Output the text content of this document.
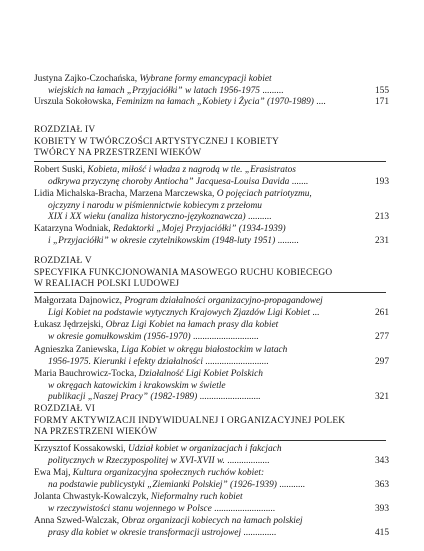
Justyna Zajko-Czochańska, Wybrane formy emancypacji kobiet
wiejskich na łamach „Przyjaciółki” w latach 1956-1975 .........	155
Urszula Sokołowska, Feminizm na łamach „Kobiety i Życia” (1970-1989) ....	171
ROZDZIAŁ IV
KOBIETY W TWÓRCZOŚCI ARTYSTYCZNEJ I KOBIETY
TWÓRCY NA PRZESTRZENI WIEKÓW
Robert Suski, Kobieta, miłość i władza z nagrodą w tle. „Erasistratos
odkrywa przyczynę choroby Antiocha” Jacquesa-Louisa Davida .......	193
Lidia Michalska-Bracha, Marzena Marczewska, O pojęciach patriotyzmu,
ojczyzny i narodu w piśmiennictwie kobiecym z przełomu
XIX i XX wieku (analiza historyczno-językoznawcza) ..........	213
Katarzyna Wodniak, Redaktorki „Mojej Przyjaciółki” (1934-1939)
i „Przyjaciółki” w okresie czytelnikowskim (1948-luty 1951) .........	231
ROZDZIAŁ V
SPECYFIKA FUNKCJONOWANIA MASOWEGO RUCHU KOBIECEGO
W REALIACH POLSKI LUDOWEJ
Małgorzata Dajnowicz, Program działalności organizacyjno-propagandowej
Ligi Kobiet na podstawie wytycznych Krajowych Zjazdów Ligi Kobiet ...	261
Łukasz Jędrzejski, Obraz Ligi Kobiet na łamach prasy dla kobiet
w okresie gomułkowskim (1956-1970) ............................	277
Agnieszka Zaniewska, Liga Kobiet w okręgu białostockim w latach
1956-1975. Kierunki i efekty działalności ...........................	297
Maria Bauchrowicz-Tocka, Działalność Ligi Kobiet Polskich
w okręgach katowickim i krakowskim w świetle
publikacji „Naszej Pracy” (1982-1989) ..........................	321
ROZDZIAŁ VI
FORMY AKTYWIZACJI INDYWIDUALNEJ I ORGANIZACYJNEJ POLEK
NA PRZESTRZENI WIEKÓW
Krzysztof Kossakowski, Udział kobiet w organizacjach i fakcjach
politycznych w Rzeczypospolitej w XVI-XVII w. ..................	343
Ewa Maj, Kultura organizacyjna społecznych ruchów kobiet:
na podstawie publicystyki „Ziemianki Polskiej” (1926-1939) ...........	363
Jolanta Chwastyk-Kowalczyk, Nieformalny ruch kobiet
w rzeczywistości stanu wojennego w Polsce ..........................	393
Anna Szwed-Walczak, Obraz organizacji kobiecych na łamach polskiej
prasy dla kobiet w okresie transformacji ustrojowej ..............	415
